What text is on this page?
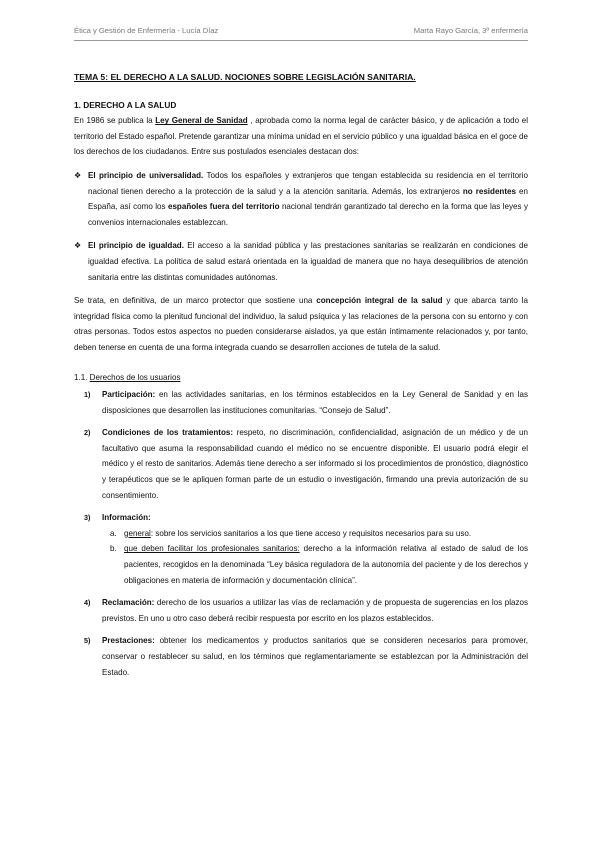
Ética y Gestión de Enfermería - Lucía Díaz	Marta Rayo García, 3º enfermería

TEMA 5: EL DERECHO A LA SALUD. NOCIONES SOBRE LEGISLACIÓN SANITARIA.

1. DERECHO A LA SALUD

En 1986 se publica la Ley General de Sanidad , aprobada como la norma legal de carácter básico, y de aplicación a todo el territorio del Estado español. Pretende garantizar una mínima unidad en el servicio público y una igualdad básica en el goce de los derechos de los ciudadanos. Entre sus postulados esenciales destacan dos:

❖ El principio de universalidad. Todos los españoles y extranjeros que tengan establecida su residencia en el territorio nacional tienen derecho a la protección de la salud y a la atención sanitaria. Además, los extranjeros no residentes en España, así como los españoles fuera del territorio nacional tendrán garantizado tal derecho en la forma que las leyes y convenios internacionales establezcan.

❖ El principio de igualdad. El acceso a la sanidad pública y las prestaciones sanitarias se realizarán en condiciones de igualdad efectiva. La política de salud estará orientada en la igualdad de manera que no haya desequilibrios de atención sanitaria entre las distintas comunidades autónomas.

Se trata, en definitiva, de un marco protector que sostiene una concepción integral de la salud y que abarca tanto la integridad física como la plenitud funcional del individuo, la salud psíquica y las relaciones de la persona con su entorno y con otras personas. Todos estos aspectos no pueden considerarse aislados, ya que están íntimamente relacionados y, por tanto, deben tenerse en cuenta de una forma integrada cuando se desarrollen acciones de tutela de la salud.

1.1. Derechos de los usuarios

1)	Participación: en las actividades sanitarias, en los términos establecidos en la Ley General de Sanidad y en las disposiciones que desarrollen las instituciones comunitarias. “Consejo de Salud”.

2)	Condiciones de los tratamientos: respeto, no discriminación, confidencialidad, asignación de un médico y de un facultativo que asuma la responsabilidad cuando el médico no se encuentre disponible. El usuario podrá elegir el médico y el resto de sanitarios. Además tiene derecho a ser informado si los procedimientos de pronóstico, diagnóstico y terapéuticos que se le apliquen forman parte de un estudio o investigación, firmando una previa autorización de su consentimiento.

3)	Información:
a. general: sobre los servicios sanitarios a los que tiene acceso y requisitos necesarios para su uso.

b. que deben facilitar los profesionales sanitarios: derecho a la información relativa al estado de salud de los pacientes, recogidos en la denominada “Ley básica reguladora de la autonomía del paciente y de los derechos y obligaciones en materia de información y documentación clínica”.

4)	Reclamación: derecho de los usuarios a utilizar las vías de reclamación y de propuesta de sugerencias en los plazos previstos. En uno u otro caso deberá recibir respuesta por escrito en los plazos establecidos.

5)	Prestaciones: obtener los medicamentos y productos sanitarios que se consideren necesarios para promover, conservar o restablecer su salud, en los términos que reglamentariamente se establezcan por la Administración del Estado.
